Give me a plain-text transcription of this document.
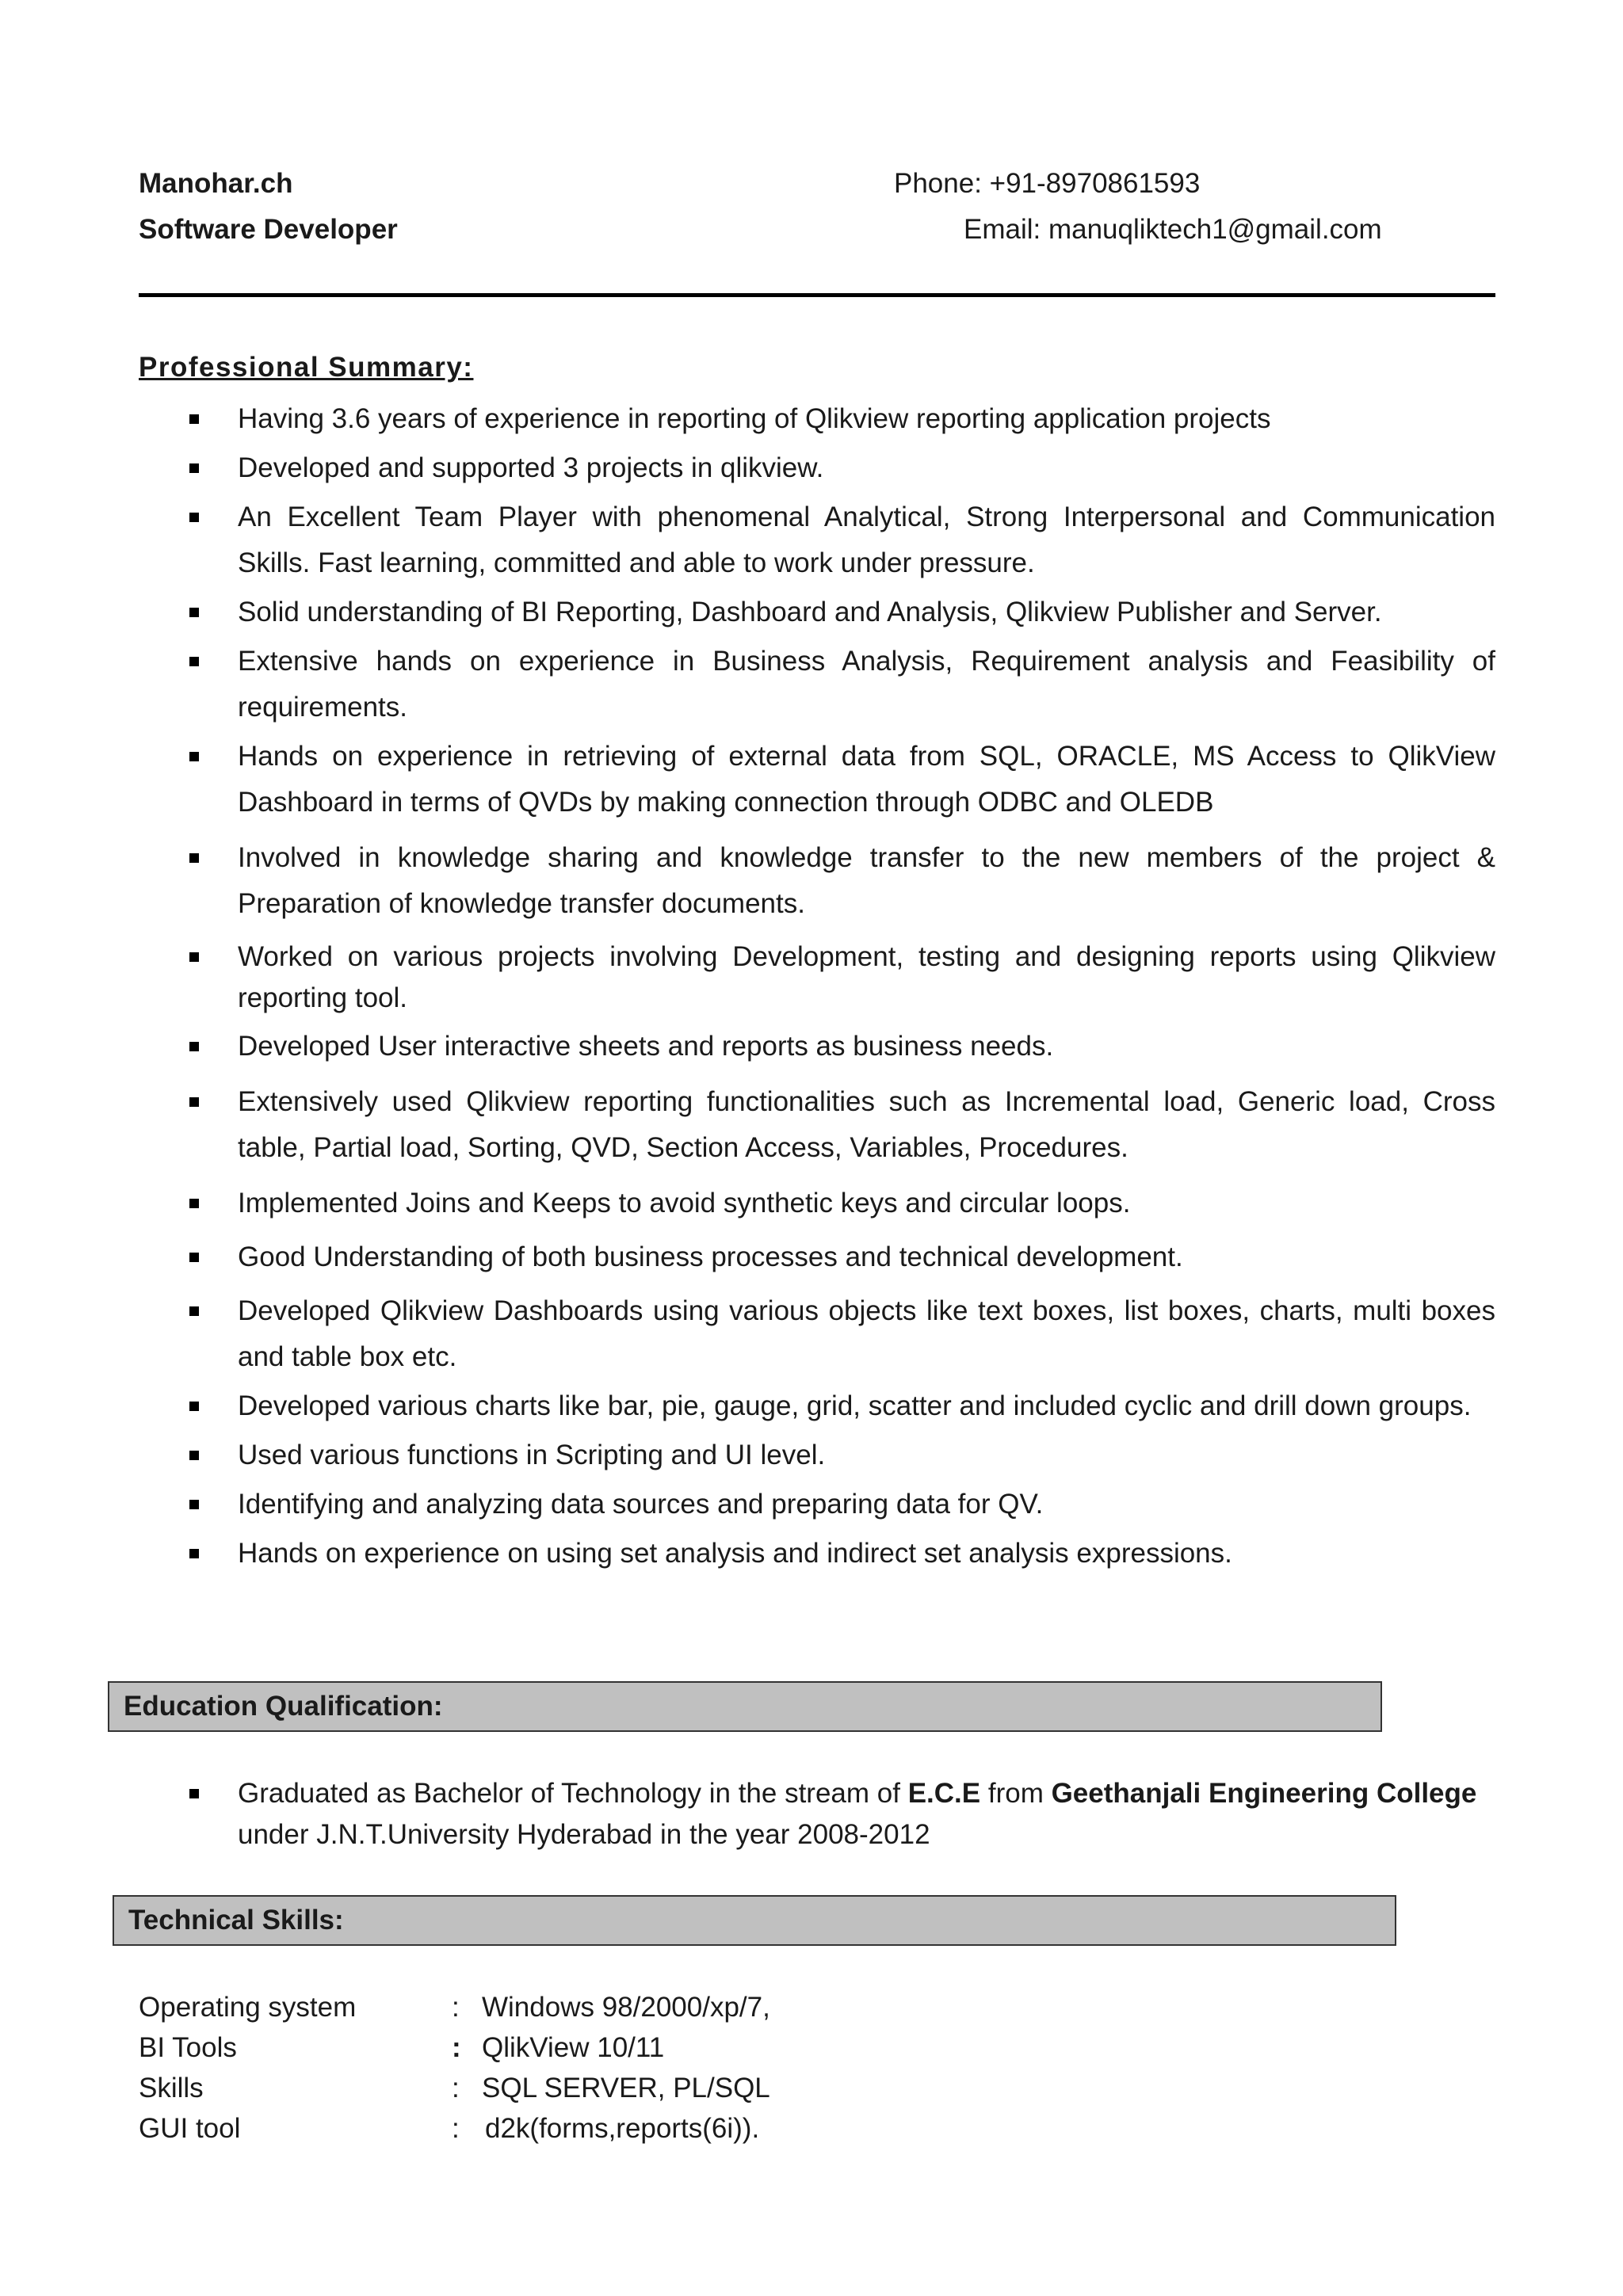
Manohar.ch
Software Developer
Phone: +91-8970861593
Email: manuqliktech1@gmail.com
Professional Summary:
Having 3.6 years of experience in reporting of Qlikview reporting application projects
Developed and supported 3 projects in qlikview.
An Excellent Team Player with phenomenal Analytical, Strong Interpersonal and Communication Skills. Fast learning, committed and able to work under pressure.
Solid understanding of BI Reporting, Dashboard and Analysis, Qlikview Publisher and Server.
Extensive hands on experience in Business Analysis, Requirement analysis and Feasibility of requirements.
Hands on experience in retrieving of external data from SQL, ORACLE, MS Access to QlikView Dashboard in terms of QVDs by making connection through ODBC and OLEDB
Involved in knowledge sharing and knowledge transfer to the new members of the project & Preparation of knowledge transfer documents.
Worked on various projects involving Development, testing and designing reports using Qlikview reporting tool.
Developed User interactive sheets and reports as business needs.
Extensively used Qlikview reporting functionalities such as Incremental load, Generic load, Cross table, Partial load, Sorting, QVD, Section Access, Variables, Procedures.
Implemented Joins and Keeps to avoid synthetic keys and circular loops.
Good Understanding of both business processes and technical development.
Developed Qlikview Dashboards using various objects like text boxes, list boxes, charts, multi boxes and table box etc.
Developed various charts like bar, pie, gauge, grid, scatter and included cyclic and drill down groups.
Used various functions in Scripting and UI level.
Identifying and analyzing data sources and preparing data for QV.
Hands on experience on using set analysis and indirect set analysis expressions.
Education Qualification:
Graduated as Bachelor of Technology in the stream of E.C.E from Geethanjali Engineering College under J.N.T.University Hyderabad in the year 2008-2012
Technical Skills:
Operating system	: Windows 98/2000/xp/7,
BI Tools	: QlikView 10/11
Skills	: SQL SERVER, PL/SQL
GUI tool	: d2k(forms,reports(6i)).
